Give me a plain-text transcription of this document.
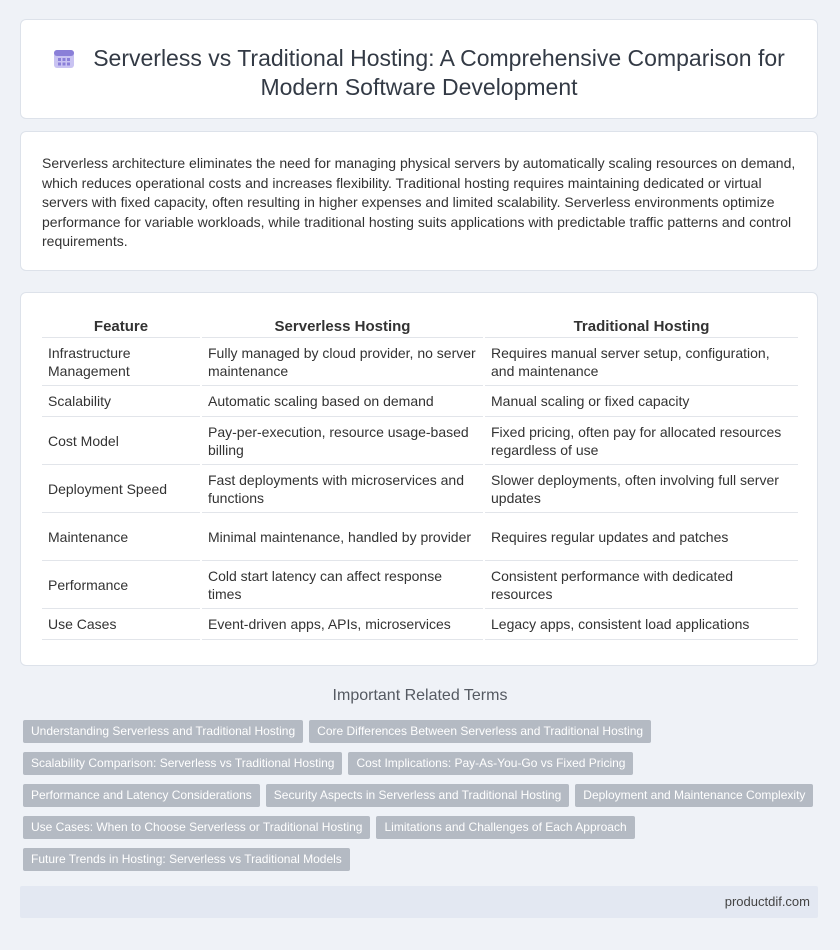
Serverless vs Traditional Hosting: A Comprehensive Comparison for Modern Software Development
Serverless architecture eliminates the need for managing physical servers by automatically scaling resources on demand, which reduces operational costs and increases flexibility. Traditional hosting requires maintaining dedicated or virtual servers with fixed capacity, often resulting in higher expenses and limited scalability. Serverless environments optimize performance for variable workloads, while traditional hosting suits applications with predictable traffic patterns and control requirements.
Feature	Serverless Hosting	Traditional Hosting
Infrastructure Management	Fully managed by cloud provider, no server maintenance	Requires manual server setup, configuration, and maintenance
Scalability	Automatic scaling based on demand	Manual scaling or fixed capacity
Cost Model	Pay-per-execution, resource usage-based billing	Fixed pricing, often pay for allocated resources regardless of use
Deployment Speed	Fast deployments with microservices and functions	Slower deployments, often involving full server updates
Maintenance	Minimal maintenance, handled by provider	Requires regular updates and patches
Performance	Cold start latency can affect response times	Consistent performance with dedicated resources
Use Cases	Event-driven apps, APIs, microservices	Legacy apps, consistent load applications
Important Related Terms
Understanding Serverless and Traditional Hosting Core Differences Between Serverless and Traditional Hosting
Scalability Comparison: Serverless vs Traditional Hosting Cost Implications: Pay-As-You-Go vs Fixed Pricing
Performance and Latency Considerations Security Aspects in Serverless and Traditional Hosting Deployment and Maintenance Complexity
Use Cases: When to Choose Serverless or Traditional Hosting Limitations and Challenges of Each Approach
Future Trends in Hosting: Serverless vs Traditional Models
productdif.com
